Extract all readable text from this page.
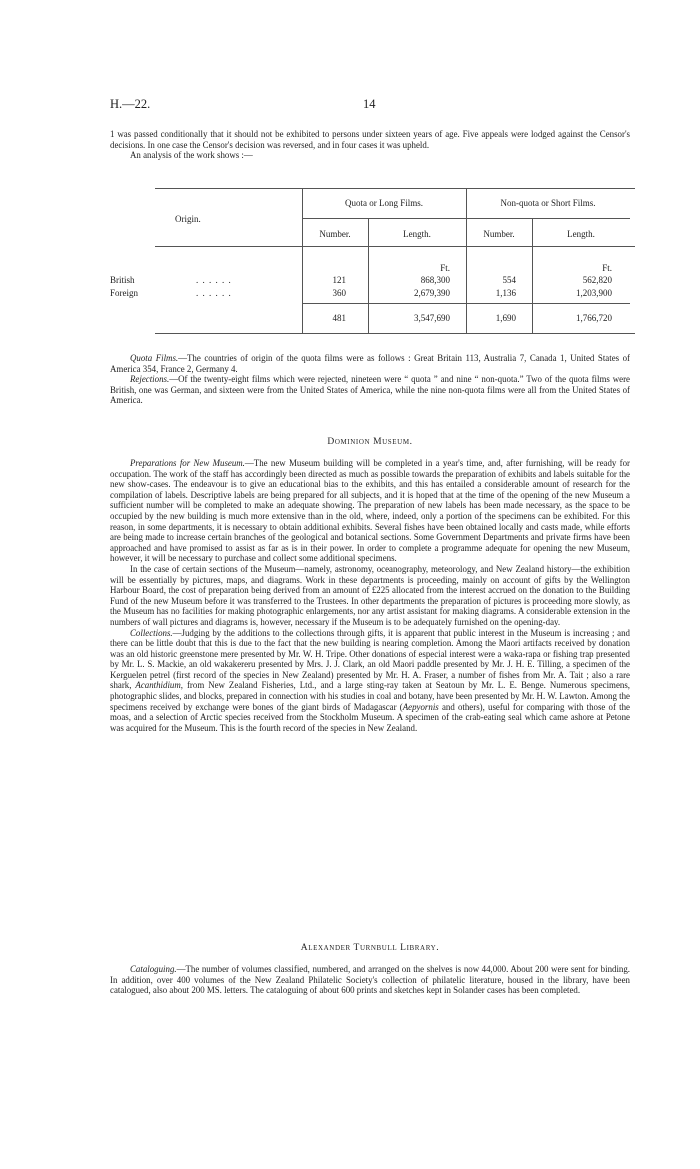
H.—22.	14

1 was passed conditionally that it should not be exhibited to persons under sixteen years of age. Five appeals were lodged against the Censor's decisions. In one case the Censor's decision was reversed, and in four cases it was upheld.

An analysis of the work shows :—

Origin.
Quota or Long Films.	Non-quota or Short Films.
Number.	Length.	Number.	Length.
Ft.	Ft.
British	. . . . . .	121	868,300	554	562,820
Foreign	. . . . . .	360	2,679,390	1,136	1,203,900
481	3,547,690	1,690	1,766,720

Quota Films.—The countries of origin of the quota films were as follows : Great Britain 113, Australia 7, Canada 1, United States of America 354, France 2, Germany 4.

Rejections.—Of the twenty-eight films which were rejected, nineteen were “ quota ” and nine “ non-quota.” Two of the quota films were British, one was German, and sixteen were from the United States of America, while the nine non-quota films were all from the United States of America.

Dominion Museum.

Preparations for New Museum.—The new Museum building will be completed in a year's time, and, after furnishing, will be ready for occupation. The work of the staff has accordingly been directed as much as possible towards the preparation of exhibits and labels suitable for the new show-cases. The endeavour is to give an educational bias to the exhibits, and this has entailed a considerable amount of research for the compilation of labels. Descriptive labels are being prepared for all subjects, and it is hoped that at the time of the opening of the new Museum a sufficient number will be completed to make an adequate showing. The preparation of new labels has been made necessary, as the space to be occupied by the new building is much more extensive than in the old, where, indeed, only a portion of the specimens can be exhibited. For this reason, in some departments, it is necessary to obtain additional exhibits. Several fishes have been obtained locally and casts made, while efforts are being made to increase certain branches of the geological and botanical sections. Some Government Departments and private firms have been approached and have promised to assist as far as is in their power. In order to complete a programme adequate for opening the new Museum, however, it will be necessary to purchase and collect some additional specimens.

In the case of certain sections of the Museum—namely, astronomy, oceanography, meteorology, and New Zealand history—the exhibition will be essentially by pictures, maps, and diagrams. Work in these departments is proceeding, mainly on account of gifts by the Wellington Harbour Board, the cost of preparation being derived from an amount of £225 allocated from the interest accrued on the donation to the Building Fund of the new Museum before it was transferred to the Trustees. In other departments the preparation of pictures is proceeding more slowly, as the Museum has no facilities for making photographic enlargements, nor any artist assistant for making diagrams. A considerable extension in the numbers of wall pictures and diagrams is, however, necessary if the Museum is to be adequately furnished on the opening-day.

Collections.—Judging by the additions to the collections through gifts, it is apparent that public interest in the Museum is increasing ; and there can be little doubt that this is due to the fact that the new building is nearing completion. Among the Maori artifacts received by donation was an old historic greenstone mere presented by Mr. W. H. Tripe. Other donations of especial interest were a waka-rapa or fishing trap presented by Mr. L. S. Mackie, an old wakakereru presented by Mrs. J. J. Clark, an old Maori paddle presented by Mr. J. H. E. Tilling, a specimen of the Kerguelen petrel (first record of the species in New Zealand) presented by Mr. H. A. Fraser, a number of fishes from Mr. A. Tait ; also a rare shark, Acanthidium, from New Zealand Fisheries, Ltd., and a large sting-ray taken at Seatoun by Mr. L. E. Benge. Numerous specimens, photographic slides, and blocks, prepared in connection with his studies in coal and botany, have been presented by Mr. H. W. Lawton. Among the specimens received by exchange were bones of the giant birds of Madagascar (Aepyornis and others), useful for comparing with those of the moas, and a selection of Arctic species received from the Stockholm Museum. A specimen of the crab-eating seal which came ashore at Petone was acquired for the Museum. This is the fourth record of the species in New Zealand.

Alexander Turnbull Library.

Cataloguing.—The number of volumes classified, numbered, and arranged on the shelves is now 44,000. About 200 were sent for binding. In addition, over 400 volumes of the New Zealand Philatelic Society's collection of philatelic literature, housed in the library, have been catalogued, also about 200 MS. letters. The cataloguing of about 600 prints and sketches kept in Solander cases has been completed.
